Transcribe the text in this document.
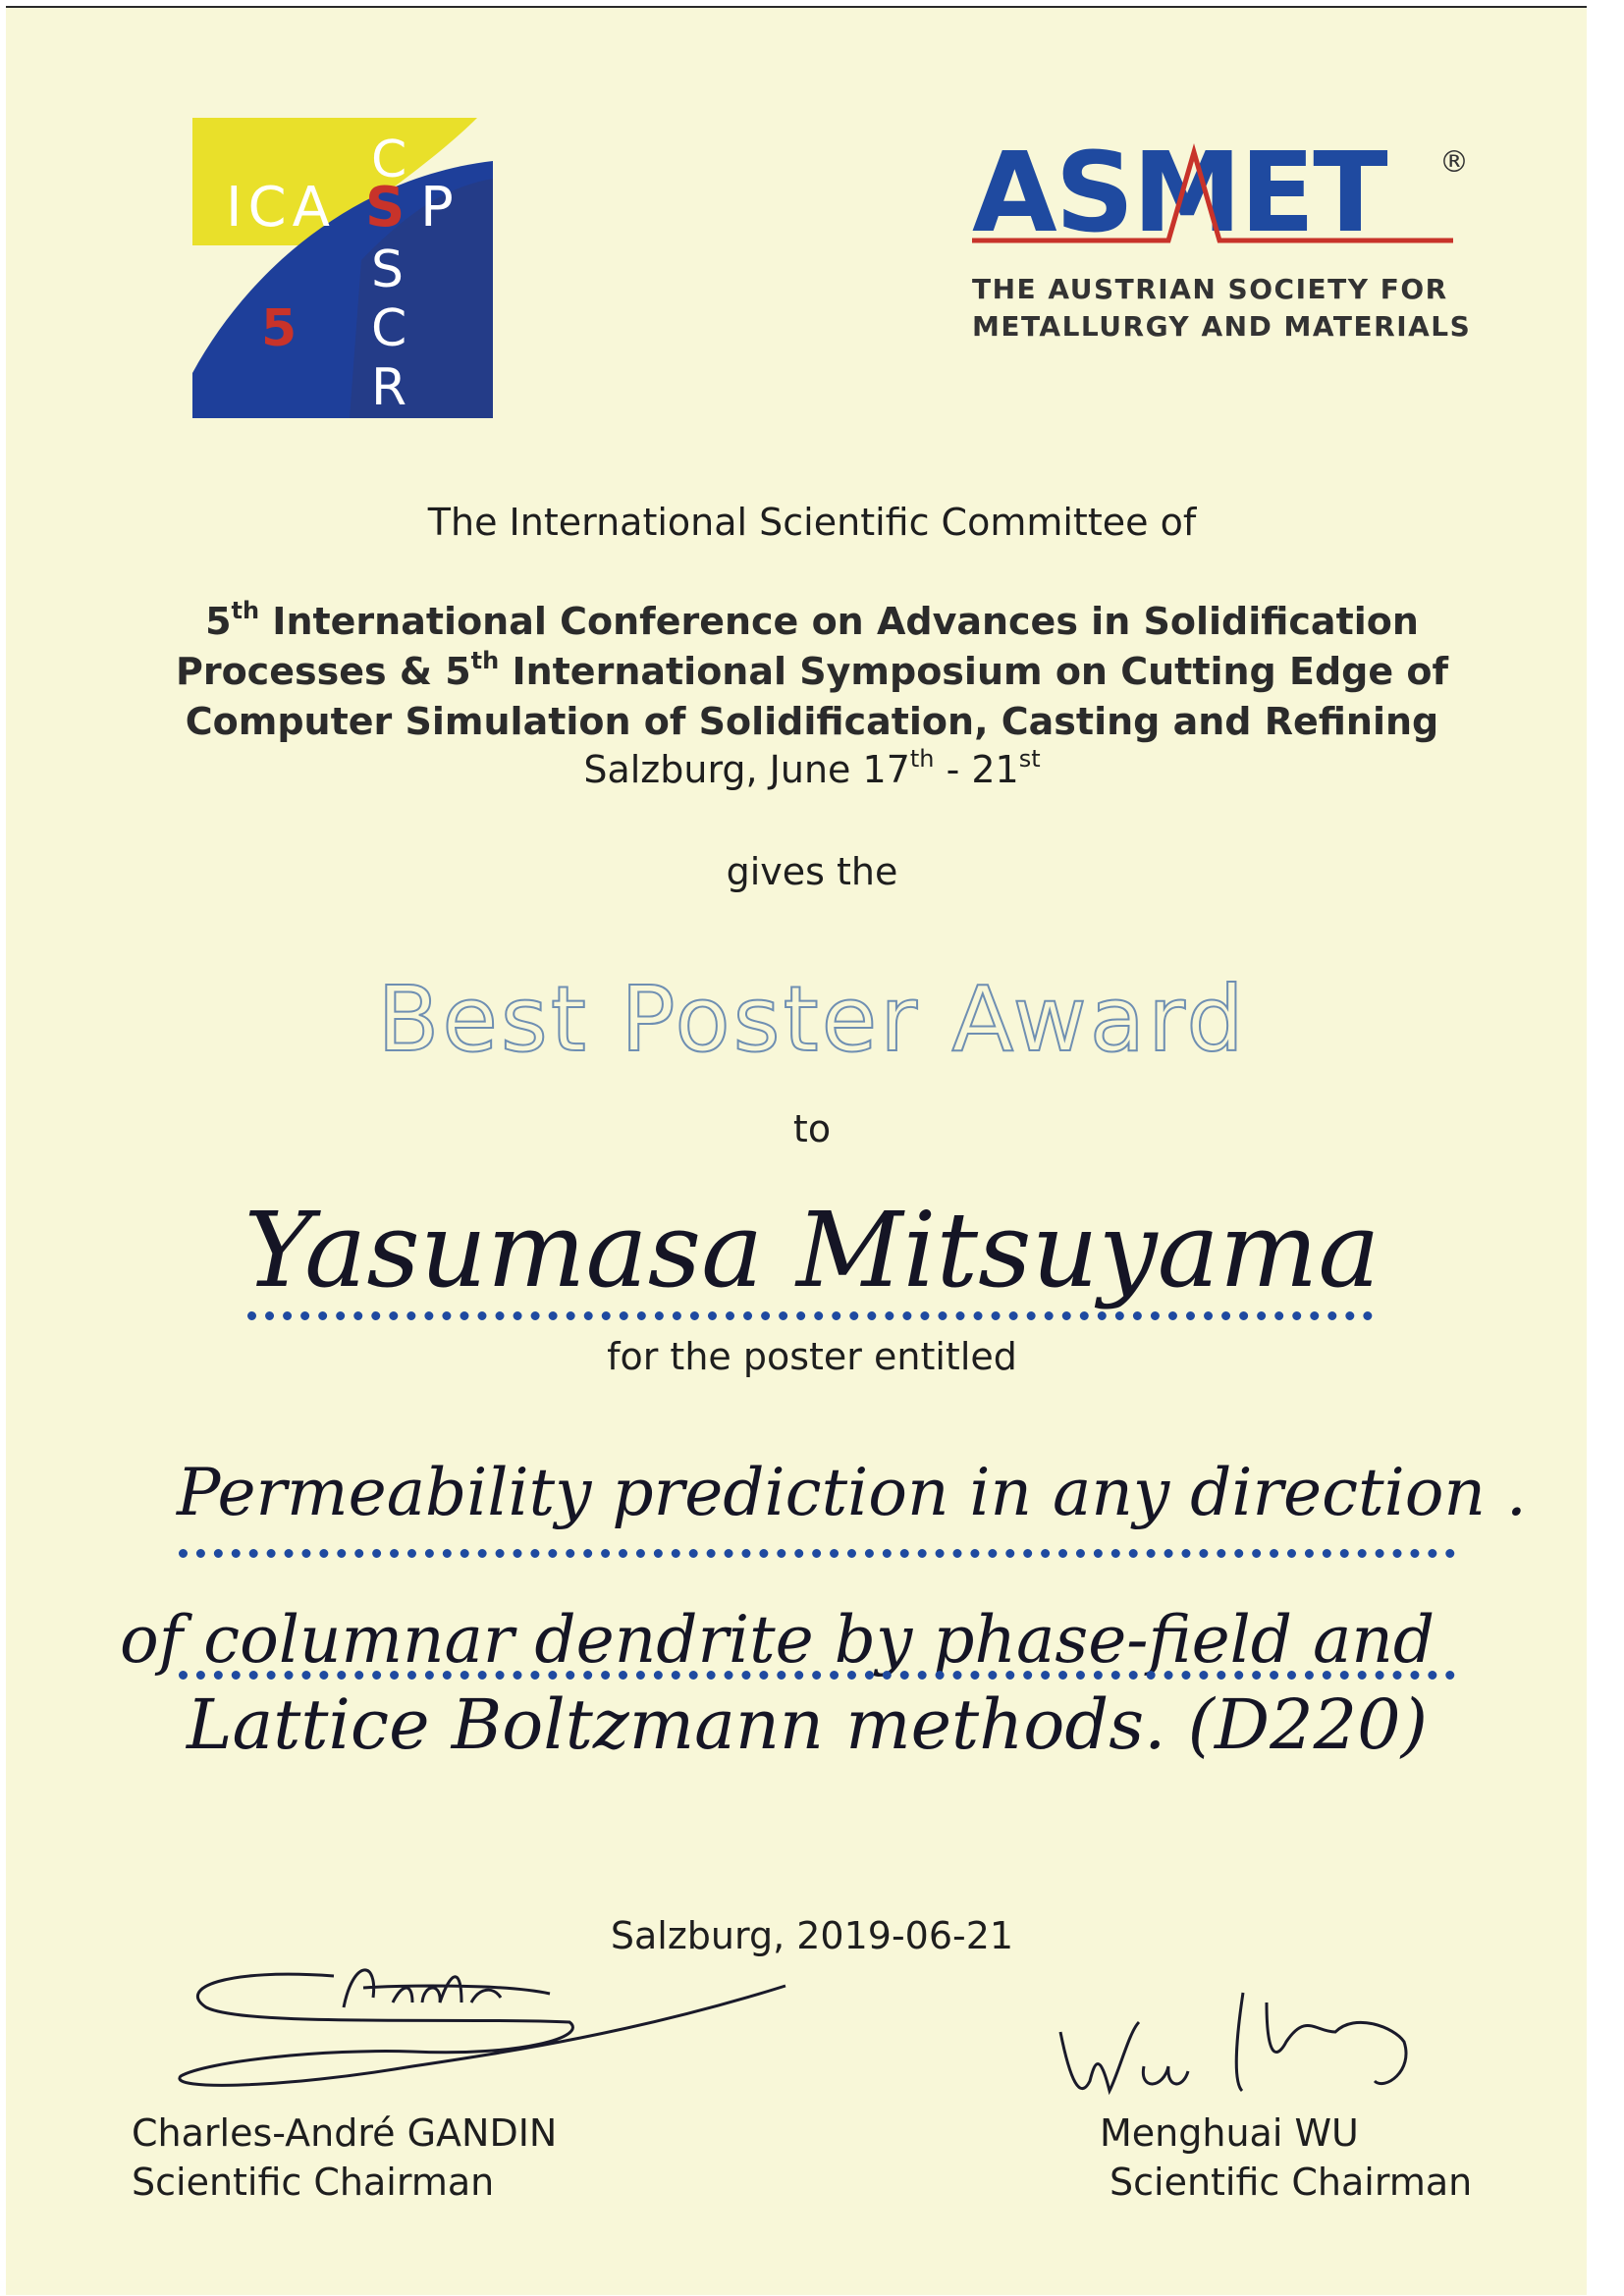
ICA S P
C
S
C
R
5
ASMET ®
THE AUSTRIAN SOCIETY FOR
METALLURGY AND MATERIALS
The International Scientific Committee of
5th International Conference on Advances in Solidification
Processes & 5th International Symposium on Cutting Edge of
Computer Simulation of Solidification, Casting and Refining
Salzburg, June 17th - 21st
gives the
Best Poster Award
to
Yasumasa Mitsuyama
for the poster entitled
Permeability prediction in any direction .
of columnar dendrite by phase-field and
Lattice Boltzmann methods. (D220)
Salzburg, 2019-06-21
Charles-André GANDIN
Scientific Chairman
Menghuai WU
Scientific Chairman
